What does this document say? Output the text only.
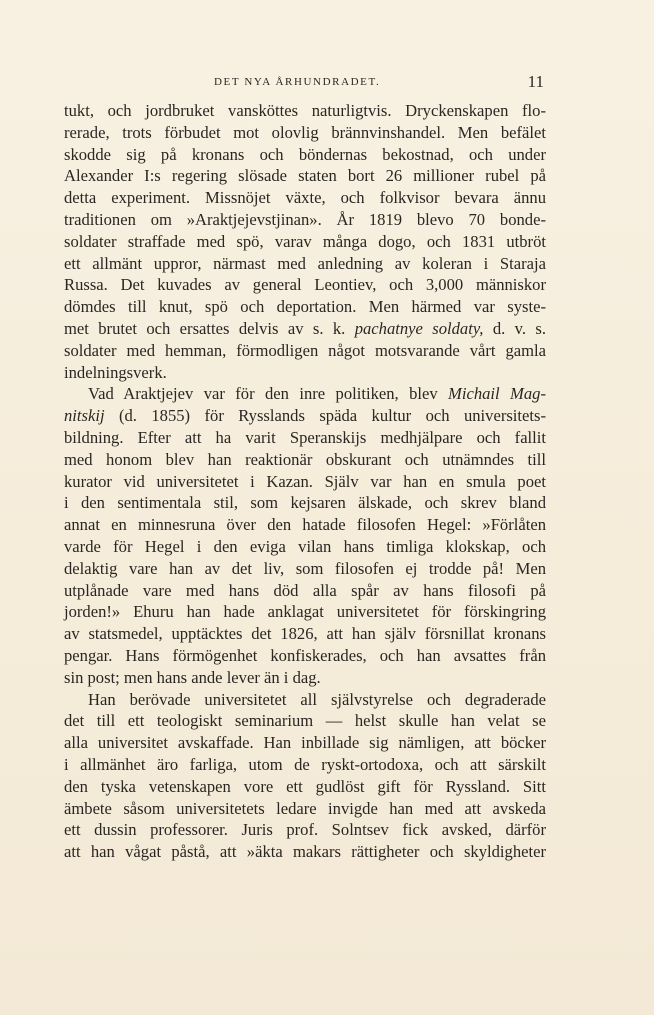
DET NYA ÅRHUNDRADET.	11
tukt, och jordbruket vansköttes naturligtvis. Dryckenskapen flo-
rerade, trots förbudet mot olovlig brännvinshandel. Men befälet
skodde sig på kronans och böndernas bekostnad, och under
Alexander I:s regering slösade staten bort 26 millioner rubel på
detta experiment. Missnöjet växte, och folkvisor bevara ännu
traditionen om »Araktjejevstjinan». År 1819 blevo 70 bonde-
soldater straffade med spö, varav många dogo, och 1831 utbröt
ett allmänt uppror, närmast med anledning av koleran i Staraja
Russa. Det kuvades av general Leontiev, och 3,000 människor
dömdes till knut, spö och deportation. Men härmed var syste-
met brutet och ersattes delvis av s. k. pachatnye soldaty, d. v. s.
soldater med hemman, förmodligen något motsvarande vårt gamla
indelningsverk.
Vad Araktjejev var för den inre politiken, blev Michail Mag-
nitskij (d. 1855) för Rysslands späda kultur och universitets-
bildning. Efter att ha varit Speranskijs medhjälpare och fallit
med honom blev han reaktionär obskurant och utnämndes till
kurator vid universitetet i Kazan. Själv var han en smula poet
i den sentimentala stil, som kejsaren älskade, och skrev bland
annat en minnesruna över den hatade filosofen Hegel: »Förlåten
varde för Hegel i den eviga vilan hans timliga klokskap, och
delaktig vare han av det liv, som filosofen ej trodde på! Men
utplånade vare med hans död alla spår av hans filosofi på
jorden!» Ehuru han hade anklagat universitetet för förskingring
av statsmedel, upptäcktes det 1826, att han själv försnillat kronans
pengar. Hans förmögenhet konfiskerades, och han avsattes från
sin post; men hans ande lever än i dag.
Han berövade universitetet all självstyrelse och degraderade
det till ett teologiskt seminarium — helst skulle han velat se
alla universitet avskaffade. Han inbillade sig nämligen, att böcker
i allmänhet äro farliga, utom de ryskt-ortodoxa, och att särskilt
den tyska vetenskapen vore ett gudlöst gift för Ryssland. Sitt
ämbete såsom universitetets ledare invigde han med att avskeda
ett dussin professorer. Juris prof. Solntsev fick avsked, därför
att han vågat påstå, att »äkta makars rättigheter och skyldigheter
